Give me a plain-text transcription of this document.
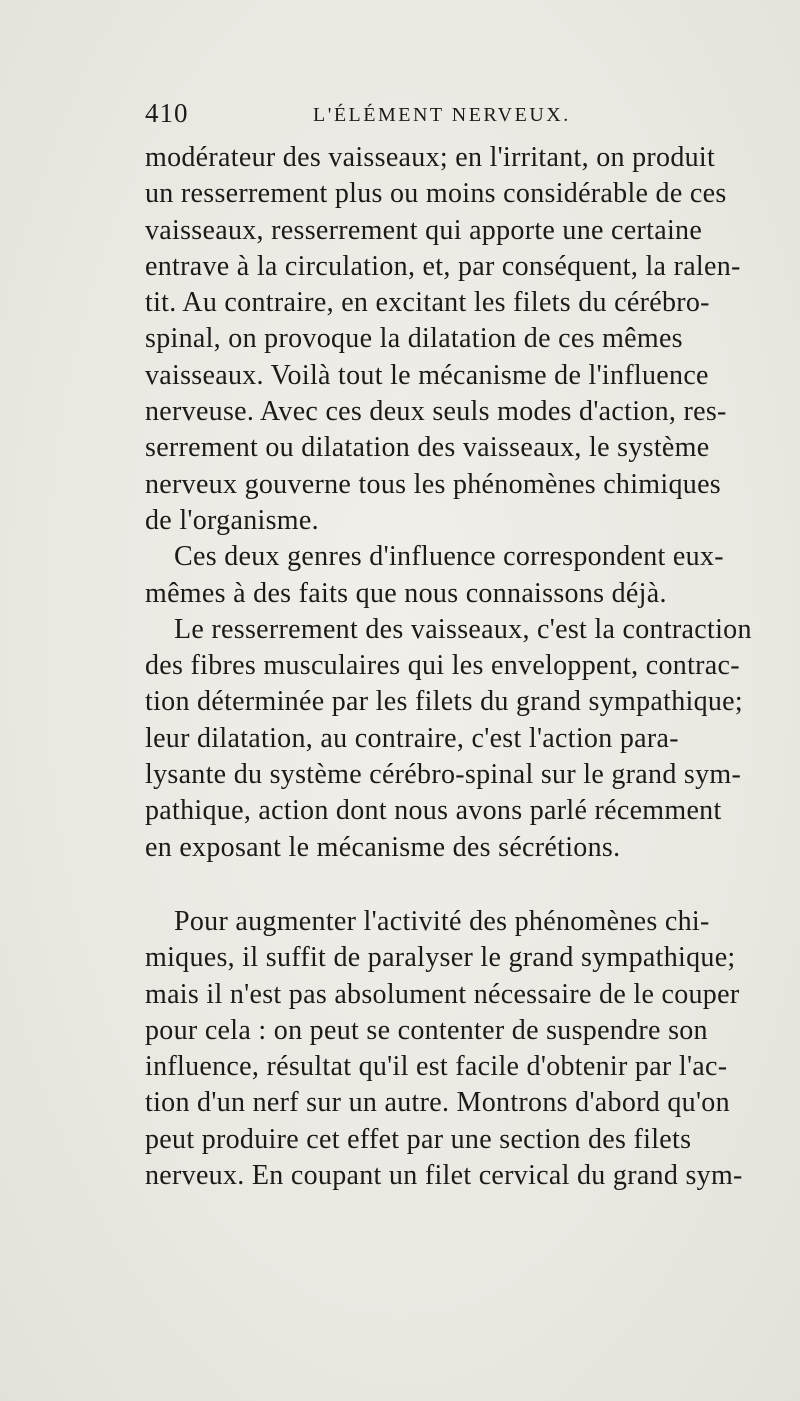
410	L'ÉLÉMENT NERVEUX.
modérateur des vaisseaux; en l'irritant, on produit
un resserrement plus ou moins considérable de ces
vaisseaux, resserrement qui apporte une certaine
entrave à la circulation, et, par conséquent, la ralen-
tit. Au contraire, en excitant les filets du cérébro-
spinal, on provoque la dilatation de ces mêmes
vaisseaux. Voilà tout le mécanisme de l'influence
nerveuse. Avec ces deux seuls modes d'action, res-
serrement ou dilatation des vaisseaux, le système
nerveux gouverne tous les phénomènes chimiques
de l'organisme.
Ces deux genres d'influence correspondent eux-
mêmes à des faits que nous connaissons déjà.
Le resserrement des vaisseaux, c'est la contraction
des fibres musculaires qui les enveloppent, contrac-
tion déterminée par les filets du grand sympathique;
leur dilatation, au contraire, c'est l'action para-
lysante du système cérébro-spinal sur le grand sym-
pathique, action dont nous avons parlé récemment
en exposant le mécanisme des sécrétions.
Pour augmenter l'activité des phénomènes chi-
miques, il suffit de paralyser le grand sympathique;
mais il n'est pas absolument nécessaire de le couper
pour cela : on peut se contenter de suspendre son
influence, résultat qu'il est facile d'obtenir par l'ac-
tion d'un nerf sur un autre. Montrons d'abord qu'on
peut produire cet effet par une section des filets
nerveux. En coupant un filet cervical du grand sym-
